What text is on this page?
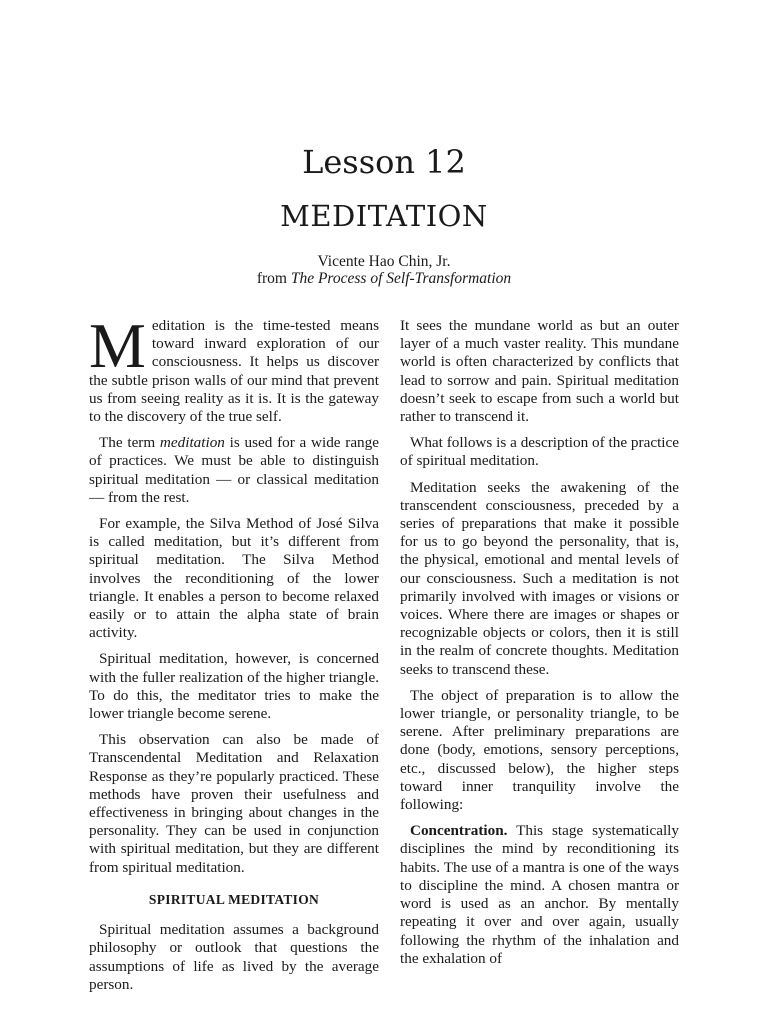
Lesson 12
MEDITATION
Vicente Hao Chin, Jr.
from The Process of Self-Transformation

Meditation is the time-tested means toward inward exploration of our consciousness. It helps us discover the subtle prison walls of our mind that prevent us from seeing reality as it is. It is the gateway to the discovery of the true self.

The term meditation is used for a wide range of practices. We must be able to distinguish spiritual meditation — or classical meditation — from the rest.

For example, the Silva Method of José Silva is called meditation, but it’s different from spiritual meditation. The Silva Method involves the reconditioning of the lower triangle. It enables a person to become relaxed easily or to attain the alpha state of brain activity.

Spiritual meditation, however, is concerned with the fuller realization of the higher triangle. To do this, the meditator tries to make the lower triangle become serene.

This observation can also be made of Transcendental Meditation and Relaxation Response as they’re popularly practiced. These methods have proven their usefulness and effectiveness in bringing about changes in the personality. They can be used in conjunction with spiritual meditation, but they are different from spiritual meditation.

SPIRITUAL MEDITATION

Spiritual meditation assumes a background philosophy or outlook that questions the assumptions of life as lived by the average person.

It sees the mundane world as but an outer layer of a much vaster reality. This mundane world is often characterized by conflicts that lead to sorrow and pain. Spiritual meditation doesn’t seek to escape from such a world but rather to transcend it.

What follows is a description of the practice of spiritual meditation.

Meditation seeks the awakening of the transcendent consciousness, preceded by a series of preparations that make it possible for us to go beyond the personality, that is, the physical, emotional and mental levels of our consciousness. Such a meditation is not primarily involved with images or visions or voices. Where there are images or shapes or recognizable objects or colors, then it is still in the realm of concrete thoughts. Meditation seeks to transcend these.

The object of preparation is to allow the lower triangle, or personality triangle, to be serene. After preliminary preparations are done (body, emotions, sensory perceptions, etc., discussed below), the higher steps toward inner tranquility involve the following:

Concentration. This stage systematically disciplines the mind by reconditioning its habits. The use of a mantra is one of the ways to discipline the mind. A chosen mantra or word is used as an anchor. By mentally repeating it over and over again, usually following the rhythm of the inhalation and the exhalation of
